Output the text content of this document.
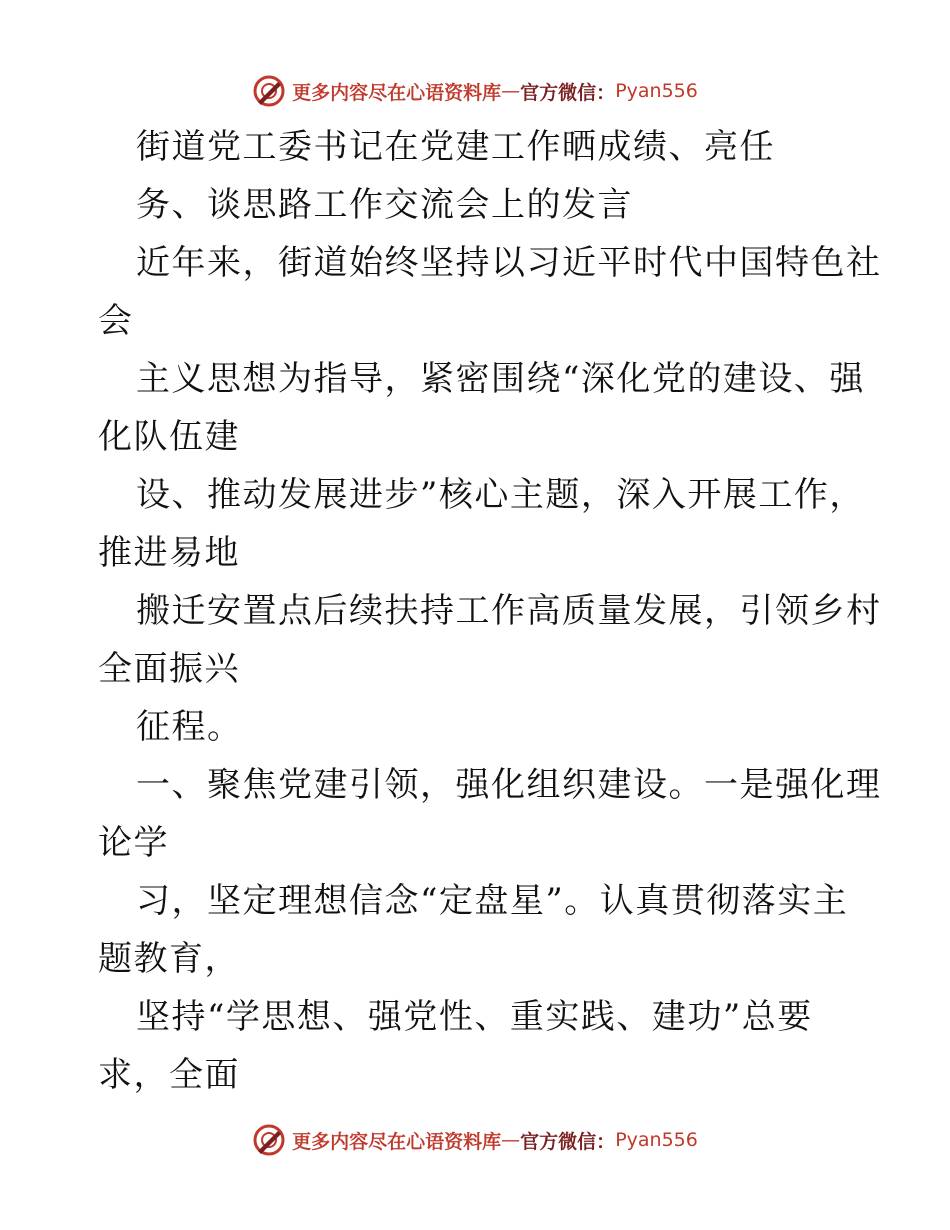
更多内容尽在心语资料库 — 官方微信： Pyan556
街道党工委书记在党建工作晒成绩、亮任
务、谈思路工作交流会上的发言
近年来，街道始终坚持以习近平时代中国特色社
会
主义思想为指导，紧密围绕“深化党的建设、强
化队伍建
设、推动发展进步”核心主题，深入开展工作，
推进易地
搬迁安置点后续扶持工作高质量发展，引领乡村
全面振兴
征程。
一、聚焦党建引领，强化组织建设。一是强化理
论学
习，坚定理想信念“定盘星”。认真贯彻落实主
题教育，
坚持“学思想、强党性、重实践、建功”总要
求，全面
更多内容尽在心语资料库 — 官方微信： Pyan556
